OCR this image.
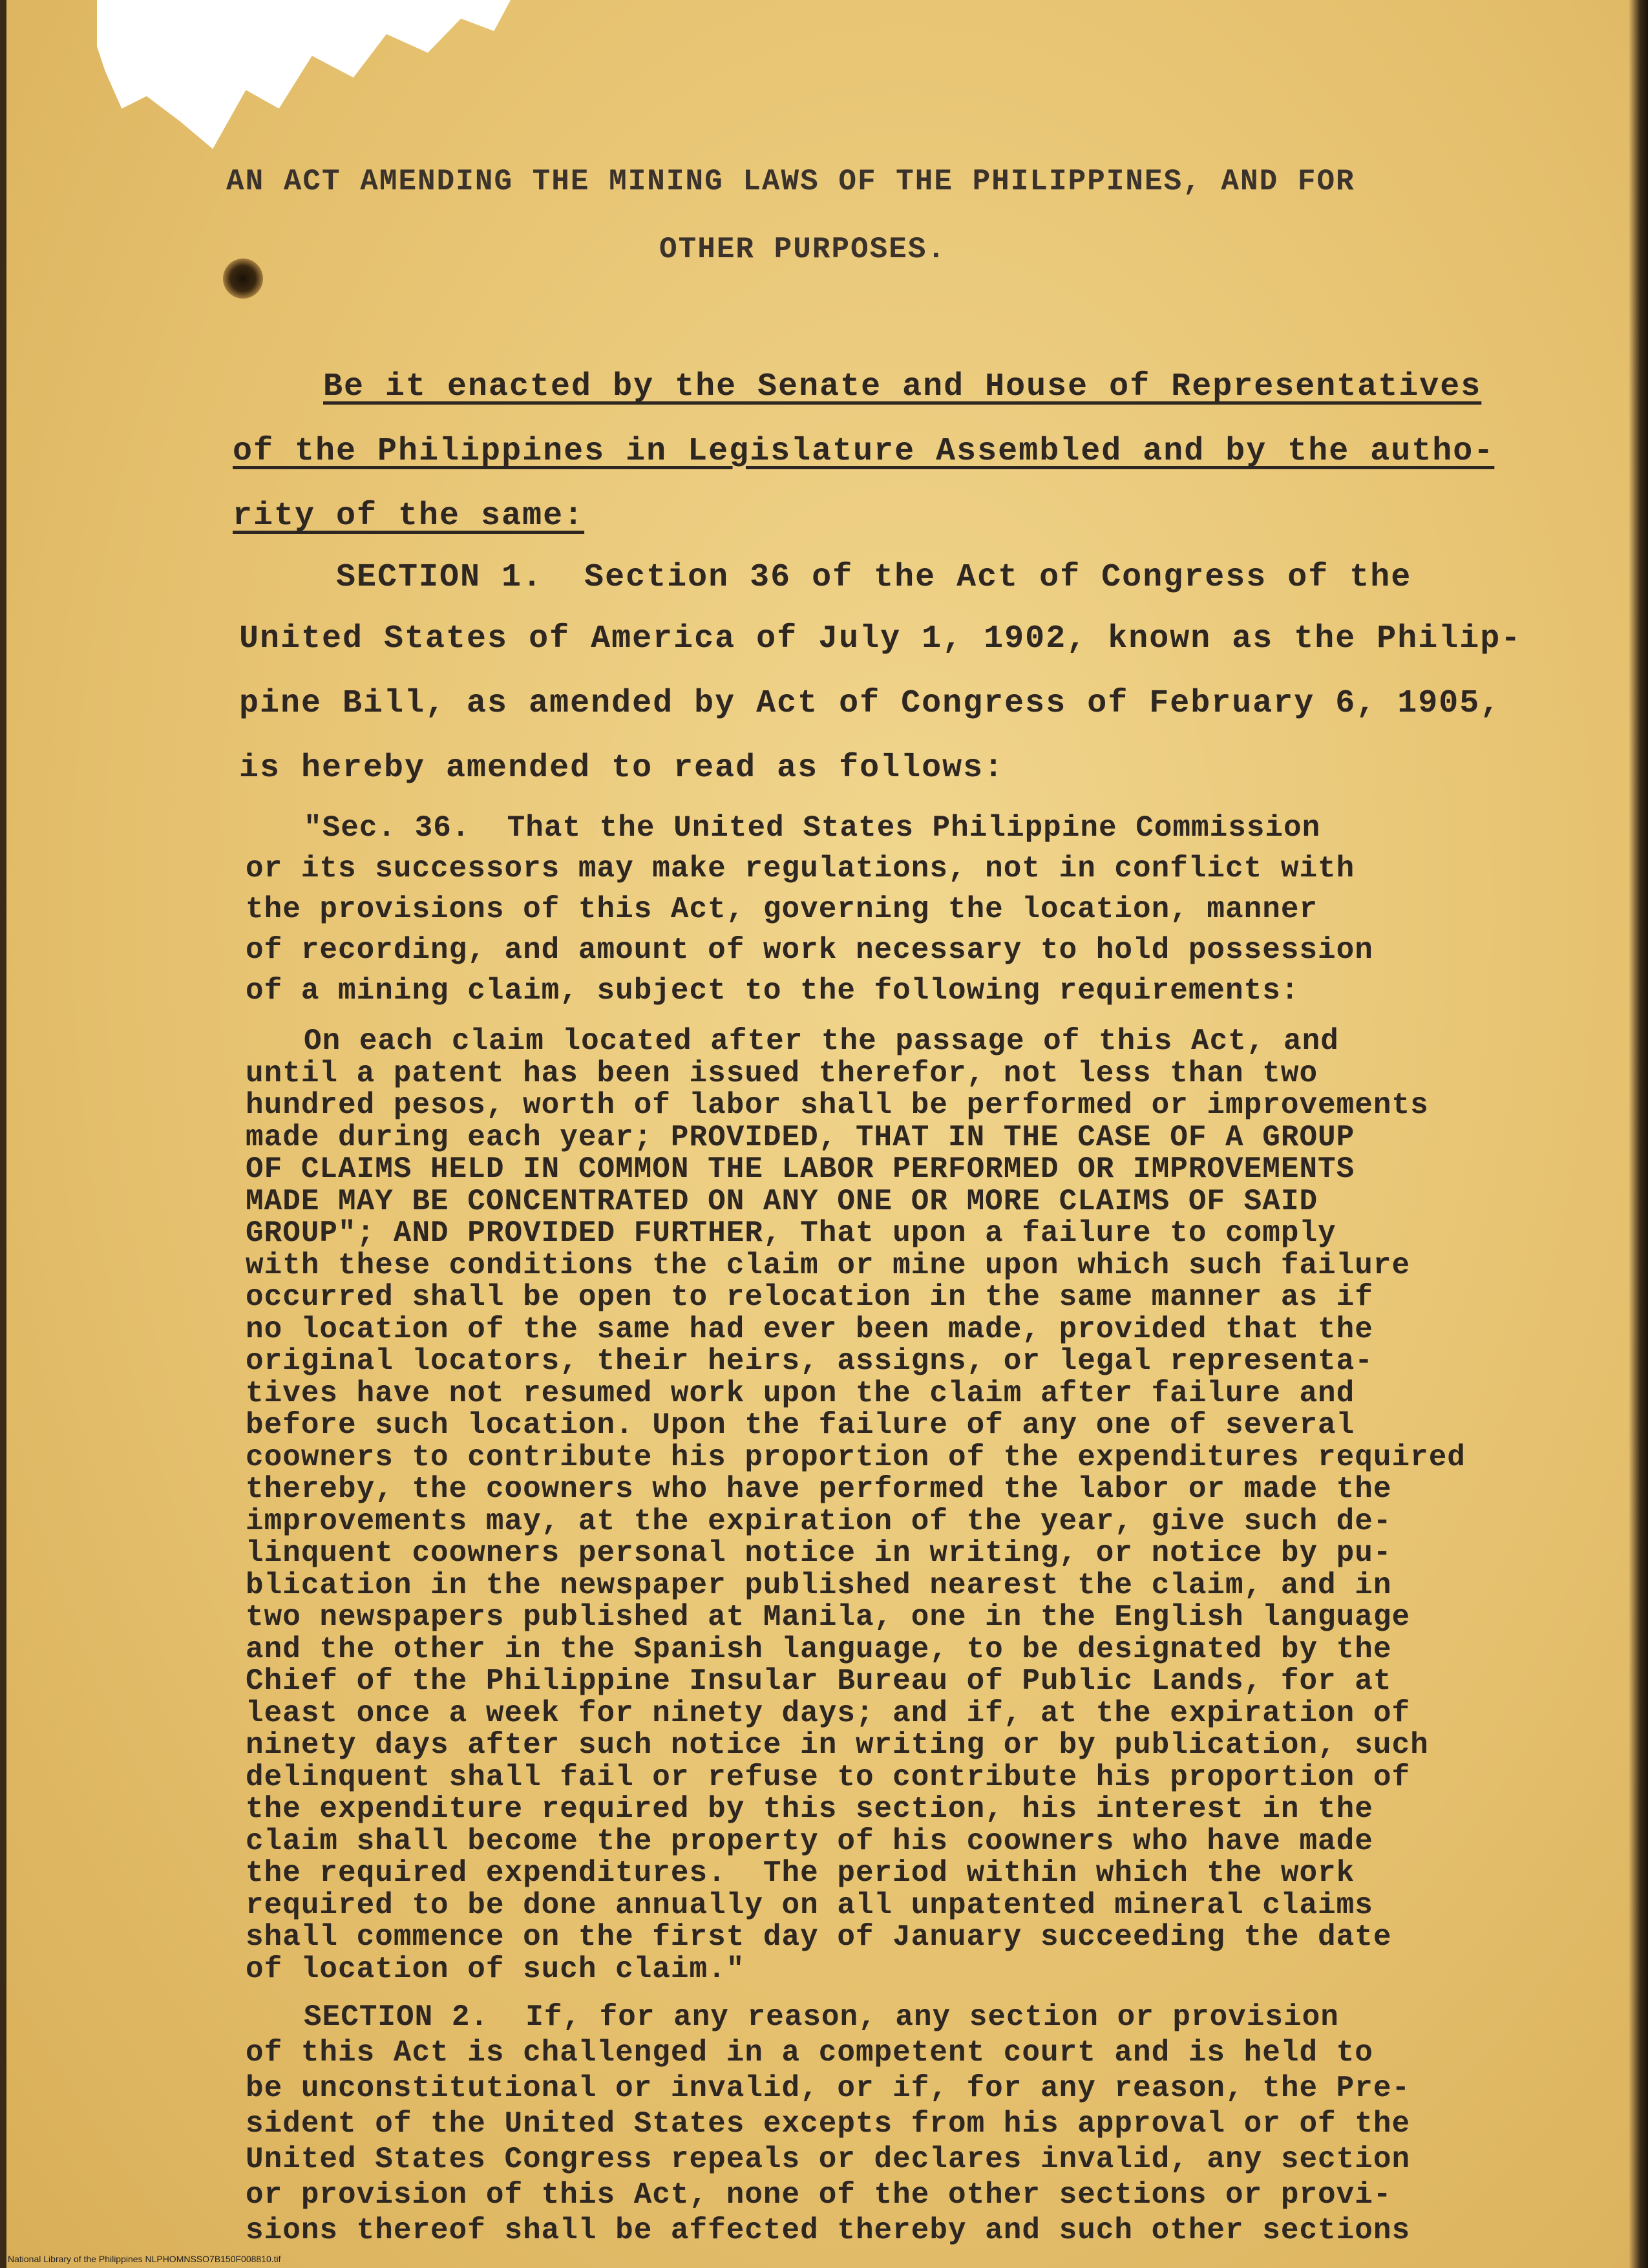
AN ACT AMENDING THE MINING LAWS OF THE PHILIPPINES, AND FOR

OTHER PURPOSES.

Be it enacted by the Senate and House of Representatives

of the Philippines in Legislature Assembled and by the autho-

rity of the same:

SECTION 1.  Section 36 of the Act of Congress of the

United States of America of July 1, 1902, known as the Philip-

pine Bill, as amended by Act of Congress of February 6, 1905,

is hereby amended to read as follows:

"Sec. 36.  That the United States Philippine Commission

or its successors may make regulations, not in conflict with

the provisions of this Act, governing the location, manner

of recording, and amount of work necessary to hold possession

of a mining claim, subject to the following requirements:

On each claim located after the passage of this Act, and

until a patent has been issued therefor, not less than two

hundred pesos, worth of labor shall be performed or improvements

made during each year; PROVIDED, THAT IN THE CASE OF A GROUP

OF CLAIMS HELD IN COMMON THE LABOR PERFORMED OR IMPROVEMENTS

MADE MAY BE CONCENTRATED ON ANY ONE OR MORE CLAIMS OF SAID

GROUP"; AND PROVIDED FURTHER, That upon a failure to comply

with these conditions the claim or mine upon which such failure

occurred shall be open to relocation in the same manner as if

no location of the same had ever been made, provided that the

original locators, their heirs, assigns, or legal representa-

tives have not resumed work upon the claim after failure and

before such location. Upon the failure of any one of several

coowners to contribute his proportion of the expenditures required

thereby, the coowners who have performed the labor or made the

improvements may, at the expiration of the year, give such de-

linquent coowners personal notice in writing, or notice by pu-

blication in the newspaper published nearest the claim, and in

two newspapers published at Manila, one in the English language

and the other in the Spanish language, to be designated by the

Chief of the Philippine Insular Bureau of Public Lands, for at

least once a week for ninety days; and if, at the expiration of

ninety days after such notice in writing or by publication, such

delinquent shall fail or refuse to contribute his proportion of

the expenditure required by this section, his interest in the

claim shall become the property of his coowners who have made

the required expenditures.  The period within which the work

required to be done annually on all unpatented mineral claims

shall commence on the first day of January succeeding the date

of location of such claim."

SECTION 2.  If, for any reason, any section or provision

of this Act is challenged in a competent court and is held to

be unconstitutional or invalid, or if, for any reason, the Pre-

sident of the United States excepts from his approval or of the

United States Congress repeals or declares invalid, any section

or provision of this Act, none of the other sections or provi-

sions thereof shall be affected thereby and such other sections

National Library of the Philippines NLPHOMNSSO7B150F008810.tif
